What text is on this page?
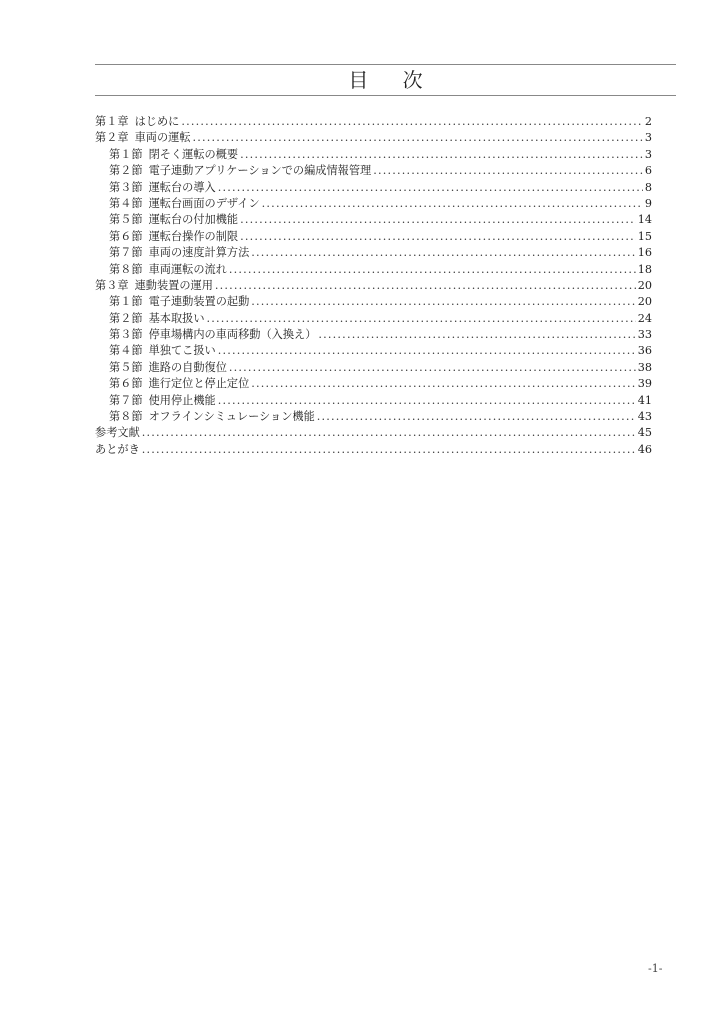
目 次
第１章 はじめに .....	2
第２章 車両の運転 .....	3
第１節 閉そく運転の概要 .....	3
第２節 電子連動アプリケーションでの編成情報管理 .....	6
第３節 運転台の導入 .....	8
第４節 運転台画面のデザイン .....	9
第５節 運転台の付加機能 .....	14
第６節 運転台操作の制限 .....	15
第７節 車両の速度計算方法 .....	16
第８節 車両運転の流れ .....	18
第３章 連動装置の運用 .....	20
第１節 電子連動装置の起動 .....	20
第２節 基本取扱い .....	24
第３節 停車場構内の車両移動（入換え） .....	33
第４節 単独てこ扱い .....	36
第５節 進路の自動復位 .....	38
第６節 進行定位と停止定位 .....	39
第７節 使用停止機能 .....	41
第８節 オフラインシミュレーション機能 .....	43
参考文献 .....	45
あとがき .....	46
-1-
